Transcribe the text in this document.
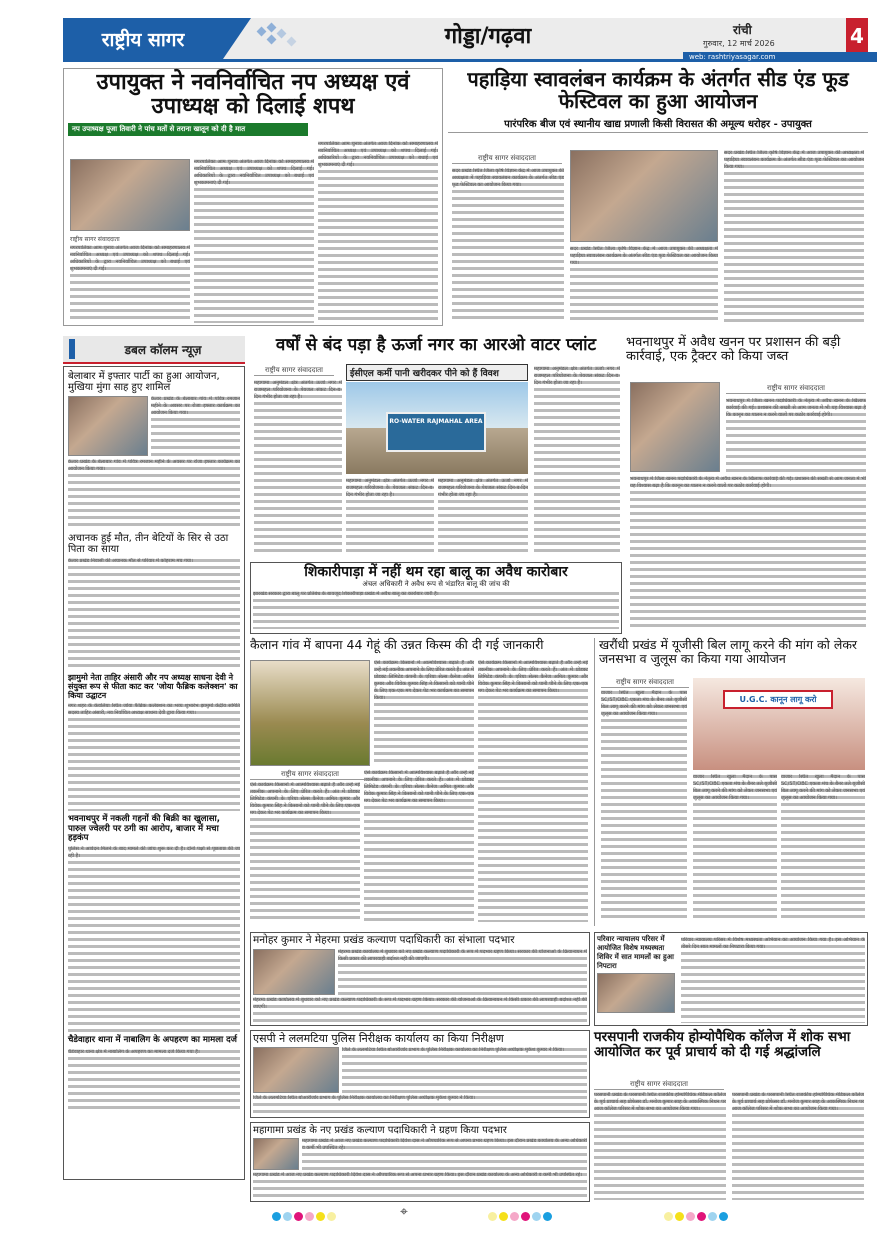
राष्ट्रीय सागर	गोड्डा/गढ़वा	रांची
गुरुवार, 12 मार्च 2026	4
web: rashtriyasagar.com
उपायुक्त ने नवनिर्वाचित नप अध्यक्ष एवं उपाध्यक्ष को दिलाई शपथ
नप उपाध्यक्ष पूजा तिवारी ने पांच मतों से तराना खातून को दी है मात
राष्ट्रीय सागर संवाददाता
नगरपालिका आम चुनाव अंतर्गत आज दिनांक को समाहरणालय में नवनिर्वाचित अध्यक्ष एवं उपाध्यक्ष को शपथ दिलाई गई। अधिकारियों के द्वारा नवनिर्वाचित उपाध्यक्ष को बधाई एवं शुभकामनाएं दी गई।
नगरपालिका आम चुनाव अंतर्गत आज दिनांक को समाहरणालय में नवनिर्वाचित अध्यक्ष एवं उपाध्यक्ष को शपथ दिलाई गई। अधिकारियों के द्वारा नवनिर्वाचित उपाध्यक्ष को बधाई एवं शुभकामनाएं दी गई।
नगरपालिका आम चुनाव अंतर्गत आज दिनांक को समाहरणालय में नवनिर्वाचित अध्यक्ष एवं उपाध्यक्ष को शपथ दिलाई गई। अधिकारियों के द्वारा नवनिर्वाचित उपाध्यक्ष को बधाई एवं शुभकामनाएं दी गई।
पहाड़िया स्वावलंबन कार्यक्रम के अंतर्गत सीड एंड फूड फेस्टिवल का हुआ आयोजन
पारंपरिक बीज एवं स्थानीय खाद्य प्रणाली किसी विरासत की अमूल्य धरोहर - उपायुक्त
राष्ट्रीय सागर संवाददाता
सदर प्रखंड स्थित जिला कृषि विज्ञान केंद्र में आज उपायुक्त की अध्यक्षता में पहाड़िया स्वावलंबन कार्यक्रम के अंतर्गत सीड एंड फूड फेस्टिवल का आयोजन किया गया।
सदर प्रखंड स्थित जिला कृषि विज्ञान केंद्र में आज उपायुक्त की अध्यक्षता में पहाड़िया स्वावलंबन कार्यक्रम के अंतर्गत सीड एंड फूड फेस्टिवल का आयोजन किया गया।
सदर प्रखंड स्थित जिला कृषि विज्ञान केंद्र में आज उपायुक्त की अध्यक्षता में पहाड़िया स्वावलंबन कार्यक्रम के अंतर्गत सीड एंड फूड फेस्टिवल का आयोजन किया गया।
डबल कॉलम न्यूज़
बेलाबार में इफ्तार पार्टी का हुआ आयोजन, मुखिया मुंगा साह हुए शामिल
केतार प्रखंड के बेलाबार गांव में पवित्र रमजान महीने के अवसर पर रोजा इफ्तार कार्यक्रम का आयोजन किया गया।
केतार प्रखंड के बेलाबार गांव में पवित्र रमजान महीने के अवसर पर रोजा इफ्तार कार्यक्रम का आयोजन किया गया।
अचानक हुई मौत, तीन बेटियों के सिर से उठा पिता का साया
केतार प्रखंड निवासी की अचानक मौत से परिवार में कोहराम मच गया।
झामुमो नेता ताहिर अंसारी और नप अध्यक्ष साधना देवी ने संयुक्त रूप से फीता काट कर 'जोया फैब्रिक कलेक्शन' का किया उद्घाटन
नगर शहर के केवलिया स्थित जोया फैब्रिक कलेक्शन का भव्य शुभारंभ झामुमो केंद्रीय समिति सदस्य ताहिर अंसारी, नव निर्वाचित अध्यक्ष साधना देवी द्वारा किया गया।
भवनाथपुर में नकली गहनों की बिक्री का खुलासा, पारुल ज्वेलरी पर ठगी का आरोप, बाजार में मचा हड़कंप
पुलिस ने आवेदन मिलने के बाद मामले की जांच शुरू कर दी है। दोनों पक्षों से पूछताछ की जा रही है।
चैडेवाहार थाना में नाबालिग के अपहरण का मामला दर्ज
चैडेवाहार थाना क्षेत्र में नाबालिग के अपहरण का मामला दर्ज किया गया है।
वर्षों से बंद पड़ा है ऊर्जा नगर का आरओ वाटर प्लांट
राष्ट्रीय सागर संवाददाता	ईसीएल कर्मी पानी खरीदकर पीने को हैं विवश
महागामा अनुमंडल क्षेत्र अंतर्गत ऊर्जा नगर में राजमहल परियोजना के पेयजल संकट दिन-ब-दिन गंभीर होता जा रहा है।
RO-WATER RAJMAHAL AREA
महागामा अनुमंडल क्षेत्र अंतर्गत ऊर्जा नगर में राजमहल परियोजना के पेयजल संकट दिन-ब-दिन गंभीर होता जा रहा है।
महागामा अनुमंडल क्षेत्र अंतर्गत ऊर्जा नगर में राजमहल परियोजना के पेयजल संकट दिन-ब-दिन गंभीर होता जा रहा है।
महागामा अनुमंडल क्षेत्र अंतर्गत ऊर्जा नगर में राजमहल परियोजना के पेयजल संकट दिन-ब-दिन गंभीर होता जा रहा है।
भवनाथपुर में अवैध खनन पर प्रशासन की बड़ी कार्रवाई, एक ट्रैक्टर को किया जब्त
राष्ट्रीय सागर संवाददाता
भवनाथपुर में जिला खनन पदाधिकारी के नेतृत्व में अवैध खनन के खिलाफ कार्रवाई की गई। प्रशासन की सख्ती से आम जनता में भी यह विश्वास बढ़ा है कि कानून का पालन न करने वालों पर कठोर कार्रवाई होगी।
भवनाथपुर में जिला खनन पदाधिकारी के नेतृत्व में अवैध खनन के खिलाफ कार्रवाई की गई। प्रशासन की सख्ती से आम जनता में भी यह विश्वास बढ़ा है कि कानून का पालन न करने वालों पर कठोर कार्रवाई होगी।
शिकारीपाड़ा में नहीं थम रहा बालू का अवैध कारोबार
अंचल अधिकारी ने अवैध रूप से भंडारित बालू की जांच की
झारखंड सरकार द्वारा बालू पर प्रतिबंध के बावजूद शिकारीपाड़ा प्रखंड में अवैध बालू का कारोबार जारी है।
कैलान गांव में बापना 44 गेहूं की उन्नत किस्म की दी गई जानकारी
राष्ट्रीय सागर संवाददाता
ऐसे कार्यक्रम किसानों में आत्मविश्वास बढ़ाते हैं और उन्हें नई तकनीक अपनाने के लिए प्रेरित करते हैं। अंत में प्रोडक्ट लिमिटेड कंपनी के एरिया सेल्स कैनेज अमित कुमार और विवेक कुमार सिंह ने किसानों को पानी पीने के लिए एक-एक मग देकर पेट भर कार्यक्रम का समापन किया।
ऐसे कार्यक्रम किसानों में आत्मविश्वास बढ़ाते हैं और उन्हें नई तकनीक अपनाने के लिए प्रेरित करते हैं। अंत में प्रोडक्ट लिमिटेड कंपनी के एरिया सेल्स कैनेज अमित कुमार और विवेक कुमार सिंह ने किसानों को पानी पीने के लिए एक-एक मग देकर पेट भर कार्यक्रम का समापन किया।
ऐसे कार्यक्रम किसानों में आत्मविश्वास बढ़ाते हैं और उन्हें नई तकनीक अपनाने के लिए प्रेरित करते हैं। अंत में प्रोडक्ट लिमिटेड कंपनी के एरिया सेल्स कैनेज अमित कुमार और विवेक कुमार सिंह ने किसानों को पानी पीने के लिए एक-एक मग देकर पेट भर कार्यक्रम का समापन किया।
ऐसे कार्यक्रम किसानों में आत्मविश्वास बढ़ाते हैं और उन्हें नई तकनीक अपनाने के लिए प्रेरित करते हैं। अंत में प्रोडक्ट लिमिटेड कंपनी के एरिया सेल्स कैनेज अमित कुमार और विवेक कुमार सिंह ने किसानों को पानी पीने के लिए एक-एक मग देकर पेट भर कार्यक्रम का समापन किया।
खरौंधी प्रखंड में यूजीसी बिल लागू करने की मांग को लेकर जनसभा व जुलूस का किया गया आयोजन
राष्ट्रीय सागर संवाददाता
वाजार स्थित खुला मैदान के पास SC/ST/OBC एकता मंच के बैनर तले यूजीसी बिल लागू करने की मांग को लेकर जनसभा एवं जुलूस का आयोजन किया गया।
U.G.C. कानून लागू करो
वाजार स्थित खुला मैदान के पास SC/ST/OBC एकता मंच के बैनर तले यूजीसी बिल लागू करने की मांग को लेकर जनसभा एवं जुलूस का आयोजन किया गया।
वाजार स्थित खुला मैदान के पास SC/ST/OBC एकता मंच के बैनर तले यूजीसी बिल लागू करने की मांग को लेकर जनसभा एवं जुलूस का आयोजन किया गया।
मनोहर कुमार ने मेहरमा प्रखंड कल्याण पदाधिकारी का संभाला पदभार
मेहरमा प्रखंड कार्यालय में बुधवार को नए प्रखंड कल्याण पदाधिकारी के रूप में पदभार ग्रहण किया। सरकार की योजनाओं के क्रियान्वयन में किसी प्रकार की लापरवाही बर्दाश्त नहीं की जाएगी।
मेहरमा प्रखंड कार्यालय में बुधवार को नए प्रखंड कल्याण पदाधिकारी के रूप में पदभार ग्रहण किया। सरकार की योजनाओं के क्रियान्वयन में किसी प्रकार की लापरवाही बर्दाश्त नहीं की जाएगी।
परिवार न्यायालय परिसर में आयोजित विशेष मध्यस्थता शिविर में सात मामलों का हुआ निपटारा
परिवार न्यायालय परिसर में विशेष मध्यस्थता अभियान का आयोजन किया गया है। इस अभियान के तीसरे दिन सात मामलों का निपटारा किया गया।
एसपी ने ललमटिया पुलिस निरीक्षक कार्यालय का किया निरीक्षण
जिले के ललमटिया स्थित बोआरीजोर प्रभाग के पुलिस निरीक्षक कार्यालय का निरीक्षण पुलिस अधीक्षक मुकेश कुमार ने किया।
जिले के ललमटिया स्थित बोआरीजोर प्रभाग के पुलिस निरीक्षक कार्यालय का निरीक्षण पुलिस अधीक्षक मुकेश कुमार ने किया।
महागामा प्रखंड के नए प्रखंड कल्याण पदाधिकारी ने ग्रहण किया पदभार
महागामा प्रखंड में आज नए प्रखंड कल्याण पदाधिकारी दिवेश दास ने औपचारिक रूप से अपना प्रभार ग्रहण किया। इस दौरान प्रखंड कार्यालय के अन्य अधिकारी व कर्मी भी उपस्थित रहे।
महागामा प्रखंड में आज नए प्रखंड कल्याण पदाधिकारी दिवेश दास ने औपचारिक रूप से अपना प्रभार ग्रहण किया। इस दौरान प्रखंड कार्यालय के अन्य अधिकारी व कर्मी भी उपस्थित रहे।
परसपानी राजकीय होम्योपैथिक कॉलेज में शोक सभा आयोजित कर पूर्व प्राचार्य को दी गई श्रद्धांजलि
राष्ट्रीय सागर संवाददाता
परसपानी प्रखंड के परसपानी स्थित राजकीय होम्योपैथिक मेडिकल कॉलेज के पूर्व प्राचार्य सह प्रोफेसर डॉ. मनोज कुमार साह के आकस्मिक निधन पर आज कॉलेज परिसर में शोक सभा का आयोजन किया गया।
परसपानी प्रखंड के परसपानी स्थित राजकीय होम्योपैथिक मेडिकल कॉलेज के पूर्व प्राचार्य सह प्रोफेसर डॉ. मनोज कुमार साह के आकस्मिक निधन पर आज कॉलेज परिसर में शोक सभा का आयोजन किया गया।
⌖
